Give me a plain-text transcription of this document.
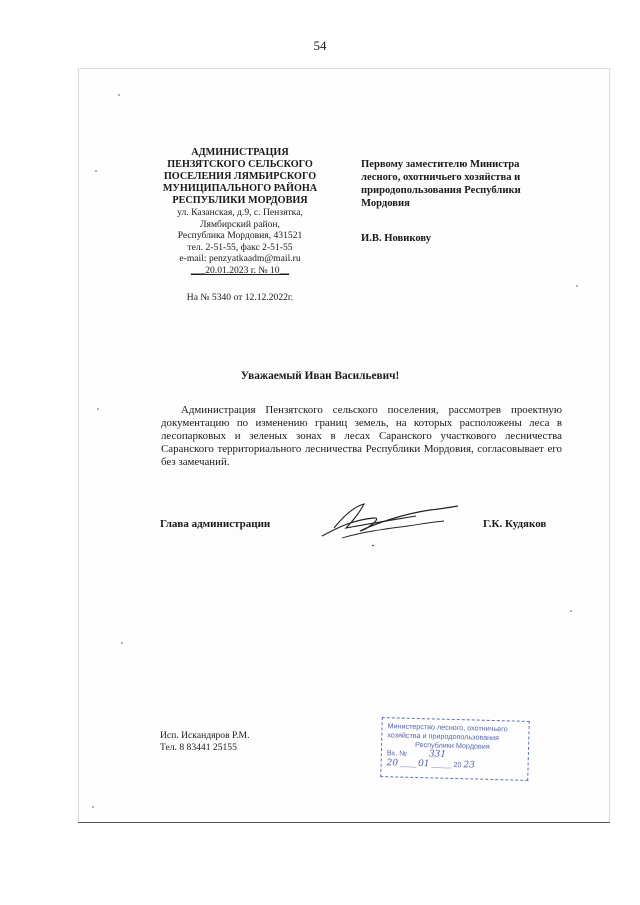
54
АДМИНИСТРАЦИЯ
ПЕНЗЯТСКОГО СЕЛЬСКОГО
ПОСЕЛЕНИЯ ЛЯМБИРСКОГО
МУНИЦИПАЛЬНОГО РАЙОНА
РЕСПУБЛИКИ МОРДОВИЯ
ул. Казанская, д.9, с. Пензятка,
Лямбирский район,
Республика Мордовия, 431521
тел. 2-51-55, факс 2-51-55
e-mail: penzyatkaadm@mail.ru
___20.01.2023 г. № 10__
На № 5340 от 12.12.2022г.
Первому заместителю Министра
лесного, охотничьего хозяйства и
природопользования Республики
Мордовия
И.В. Новикову
Уважаемый Иван Васильевич!
Администрация Пензятского сельского поселения, рассмотрев проектную документацию по изменению границ земель, на которых расположены леса в лесопарковых и зеленых зонах в лесах Саранского участкового лесничества Саранского территориального лесничества Республики Мордовия, согласовывает его без замечаний.
Глава администрации	Г.К. Кудяков
Исп. Искандяров Р.М.
Тел. 8 83441 25155
Министерство лесного, охотничьего
хозяйства и природопользования
Республики Мордовия
Вх. № 331
20 ____ 01 _____ 20 23
